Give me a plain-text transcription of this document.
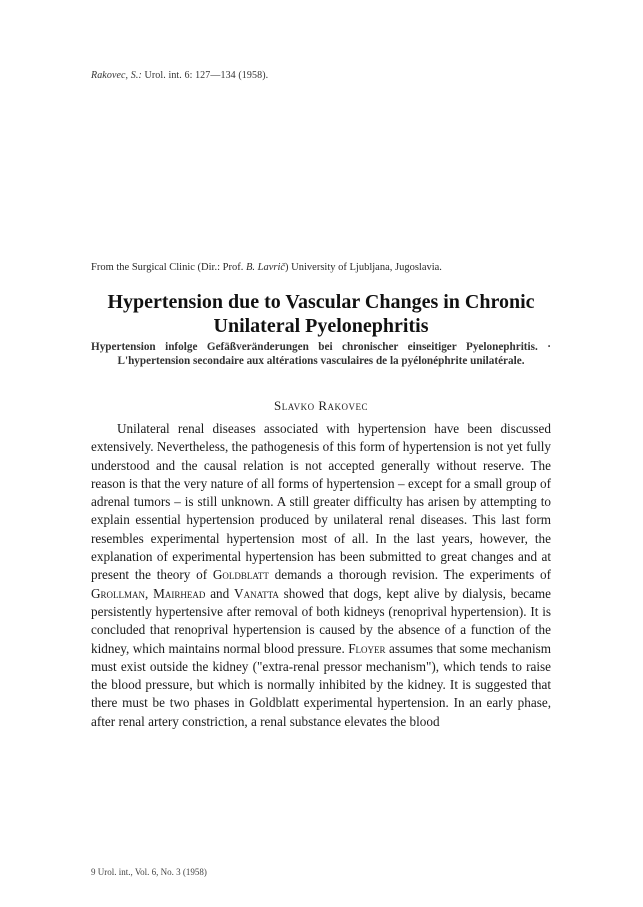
Rakovec, S.: Urol. int. 6: 127—134 (1958).
From the Surgical Clinic (Dir.: Prof. B. Lavrič) University of Ljubljana, Jugoslavia.
Hypertension due to Vascular Changes in Chronic Unilateral Pyelonephritis
Hypertension infolge Gefäßveränderungen bei chronischer einseitiger Pyelonephritis. · L'hypertension secondaire aux altérations vasculaires de la pyélonéphrite unilatérale.
Slavko Rakovec

Unilateral renal diseases associated with hypertension have been discussed extensively. Nevertheless, the pathogenesis of this form of hypertension is not yet fully understood and the causal relation is not accepted generally without reserve. The reason is that the very nature of all forms of hypertension – except for a small group of adrenal tumors – is still unknown. A still greater difficulty has arisen by attempting to explain essential hypertension produced by unilateral renal diseases. This last form resembles experimental hypertension most of all. In the last years, however, the explanation of experimental hypertension has been submitted to great changes and at present the theory of Goldblatt demands a thorough revision. The experiments of Grollman, Mairhead and Vanatta showed that dogs, kept alive by dialysis, became persistently hypertensive after removal of both kidneys (renoprival hypertension). It is concluded that renoprival hypertension is caused by the absence of a function of the kidney, which maintains normal blood pressure. Floyer assumes that some mechanism must exist outside the kidney ("extra-renal pressor mechanism"), which tends to raise the blood pressure, but which is normally inhibited by the kidney. It is suggested that there must be two phases in Goldblatt experimental hypertension. In an early phase, after renal artery constriction, a renal substance elevates the blood

9 Urol. int., Vol. 6, No. 3 (1958)
